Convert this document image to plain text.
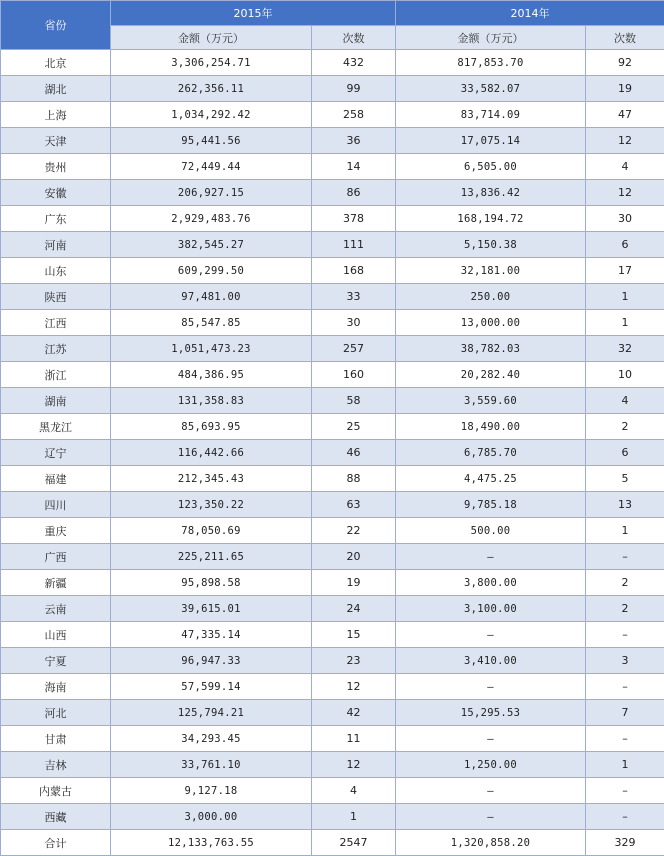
省份	2015年		2014年	
	金额（万元）	次数	金额（万元）	次数
北京	3,306,254.71	432	817,853.70	92
湖北	262,356.11	99	33,582.07	19
上海	1,034,292.42	258	83,714.09	47
天津	95,441.56	36	17,075.14	12
贵州	72,449.44	14	6,505.00	4
安徽	206,927.15	86	13,836.42	12
广东	2,929,483.76	378	168,194.72	30
河南	382,545.27	111	5,150.38	6
山东	609,299.50	168	32,181.00	17
陕西	97,481.00	33	250.00	1
江西	85,547.85	30	13,000.00	1
江苏	1,051,473.23	257	38,782.03	32
浙江	484,386.95	160	20,282.40	10
湖南	131,358.83	58	3,559.60	4
黑龙江	85,693.95	25	18,490.00	2
辽宁	116,442.66	46	6,785.70	6
福建	212,345.43	88	4,475.25	5
四川	123,350.22	63	9,785.18	13
重庆	78,050.69	22	500.00	1
广西	225,211.65	20	–	–
新疆	95,898.58	19	3,800.00	2
云南	39,615.01	24	3,100.00	2
山西	47,335.14	15	–	–
宁夏	96,947.33	23	3,410.00	3
海南	57,599.14	12	–	–
河北	125,794.21	42	15,295.53	7
甘肃	34,293.45	11	–	–
吉林	33,761.10	12	1,250.00	1
内蒙古	9,127.18	4	–	–
西藏	3,000.00	1	–	–
合计	12,133,763.55	2547	1,320,858.20	329
